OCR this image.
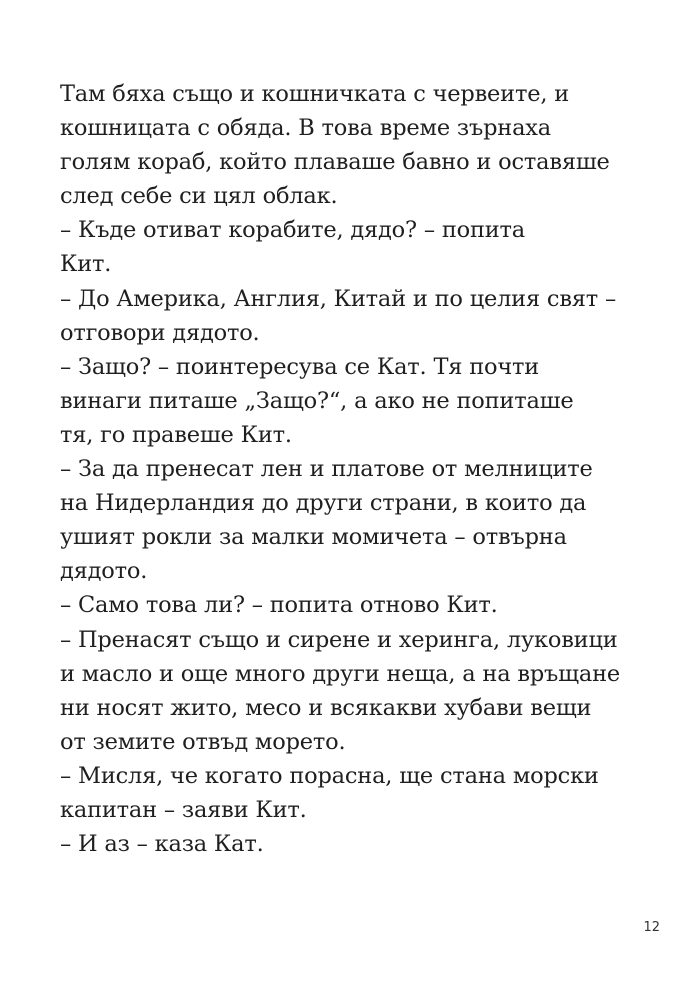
Там бяха също и кошничката с червеите, и
кошницата с обяда. В това време зърнаха
голям кораб, който плаваше бавно и оставяше
след себе си цял облак.
– Къде отиват корабите, дядо? – попита
Кит.
– До Америка, Англия, Китай и по целия свят –
отговори дядото.
– Защо? – поинтересува се Кат. Тя почти
винаги питаше „Защо?“, а ако не попиташе
тя, го правеше Кит.
– За да пренесат лен и платове от мелниците
на Нидерландия до други страни, в които да
ушият рокли за малки момичета – отвърна
дядото.
– Само това ли? – попита отново Кит.
– Пренасят също и сирене и херинга, луковици
и масло и още много други неща, а на връщане
ни носят жито, месо и всякакви хубави вещи
от земите отвъд морето.
– Мисля, че когато порасна, ще стана морски
капитан – заяви Кит.
– И аз – каза Кат.
12
